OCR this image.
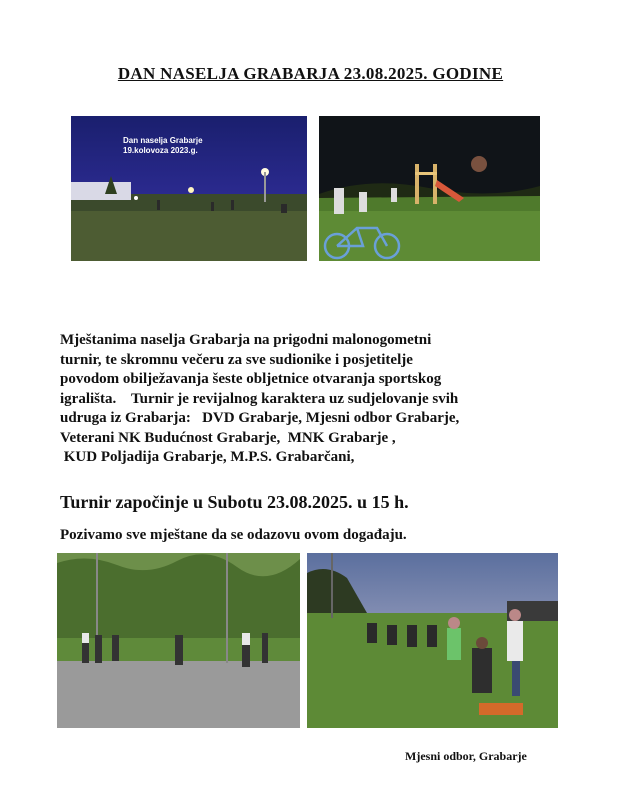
DAN NASELJA GRABARJA 23.08.2025. GODINE
Dan naselja Grabarje
19.kolovoza 2023.g.
Mještanima naselja Grabarja na prigodni malonogometni
turnir, te skromnu večeru za sve sudionike i posjetitelje
povodom obilježavanja šeste obljetnice otvaranja sportskog
igrališta.    Turnir je revijalnog karaktera uz sudjelovanje svih
udruga iz Grabarja:   DVD Grabarje, Mjesni odbor Grabarje,
Veterani NK Budućnost Grabarje,  MNK Grabarje ,
KUD Poljadija Grabarje, M.P.S. Grabarčani,
Turnir započinje u Subotu 23.08.2025. u 15 h.
Pozivamo sve mještane da se odazovu ovom događaju.
Mjesni odbor, Grabarje
